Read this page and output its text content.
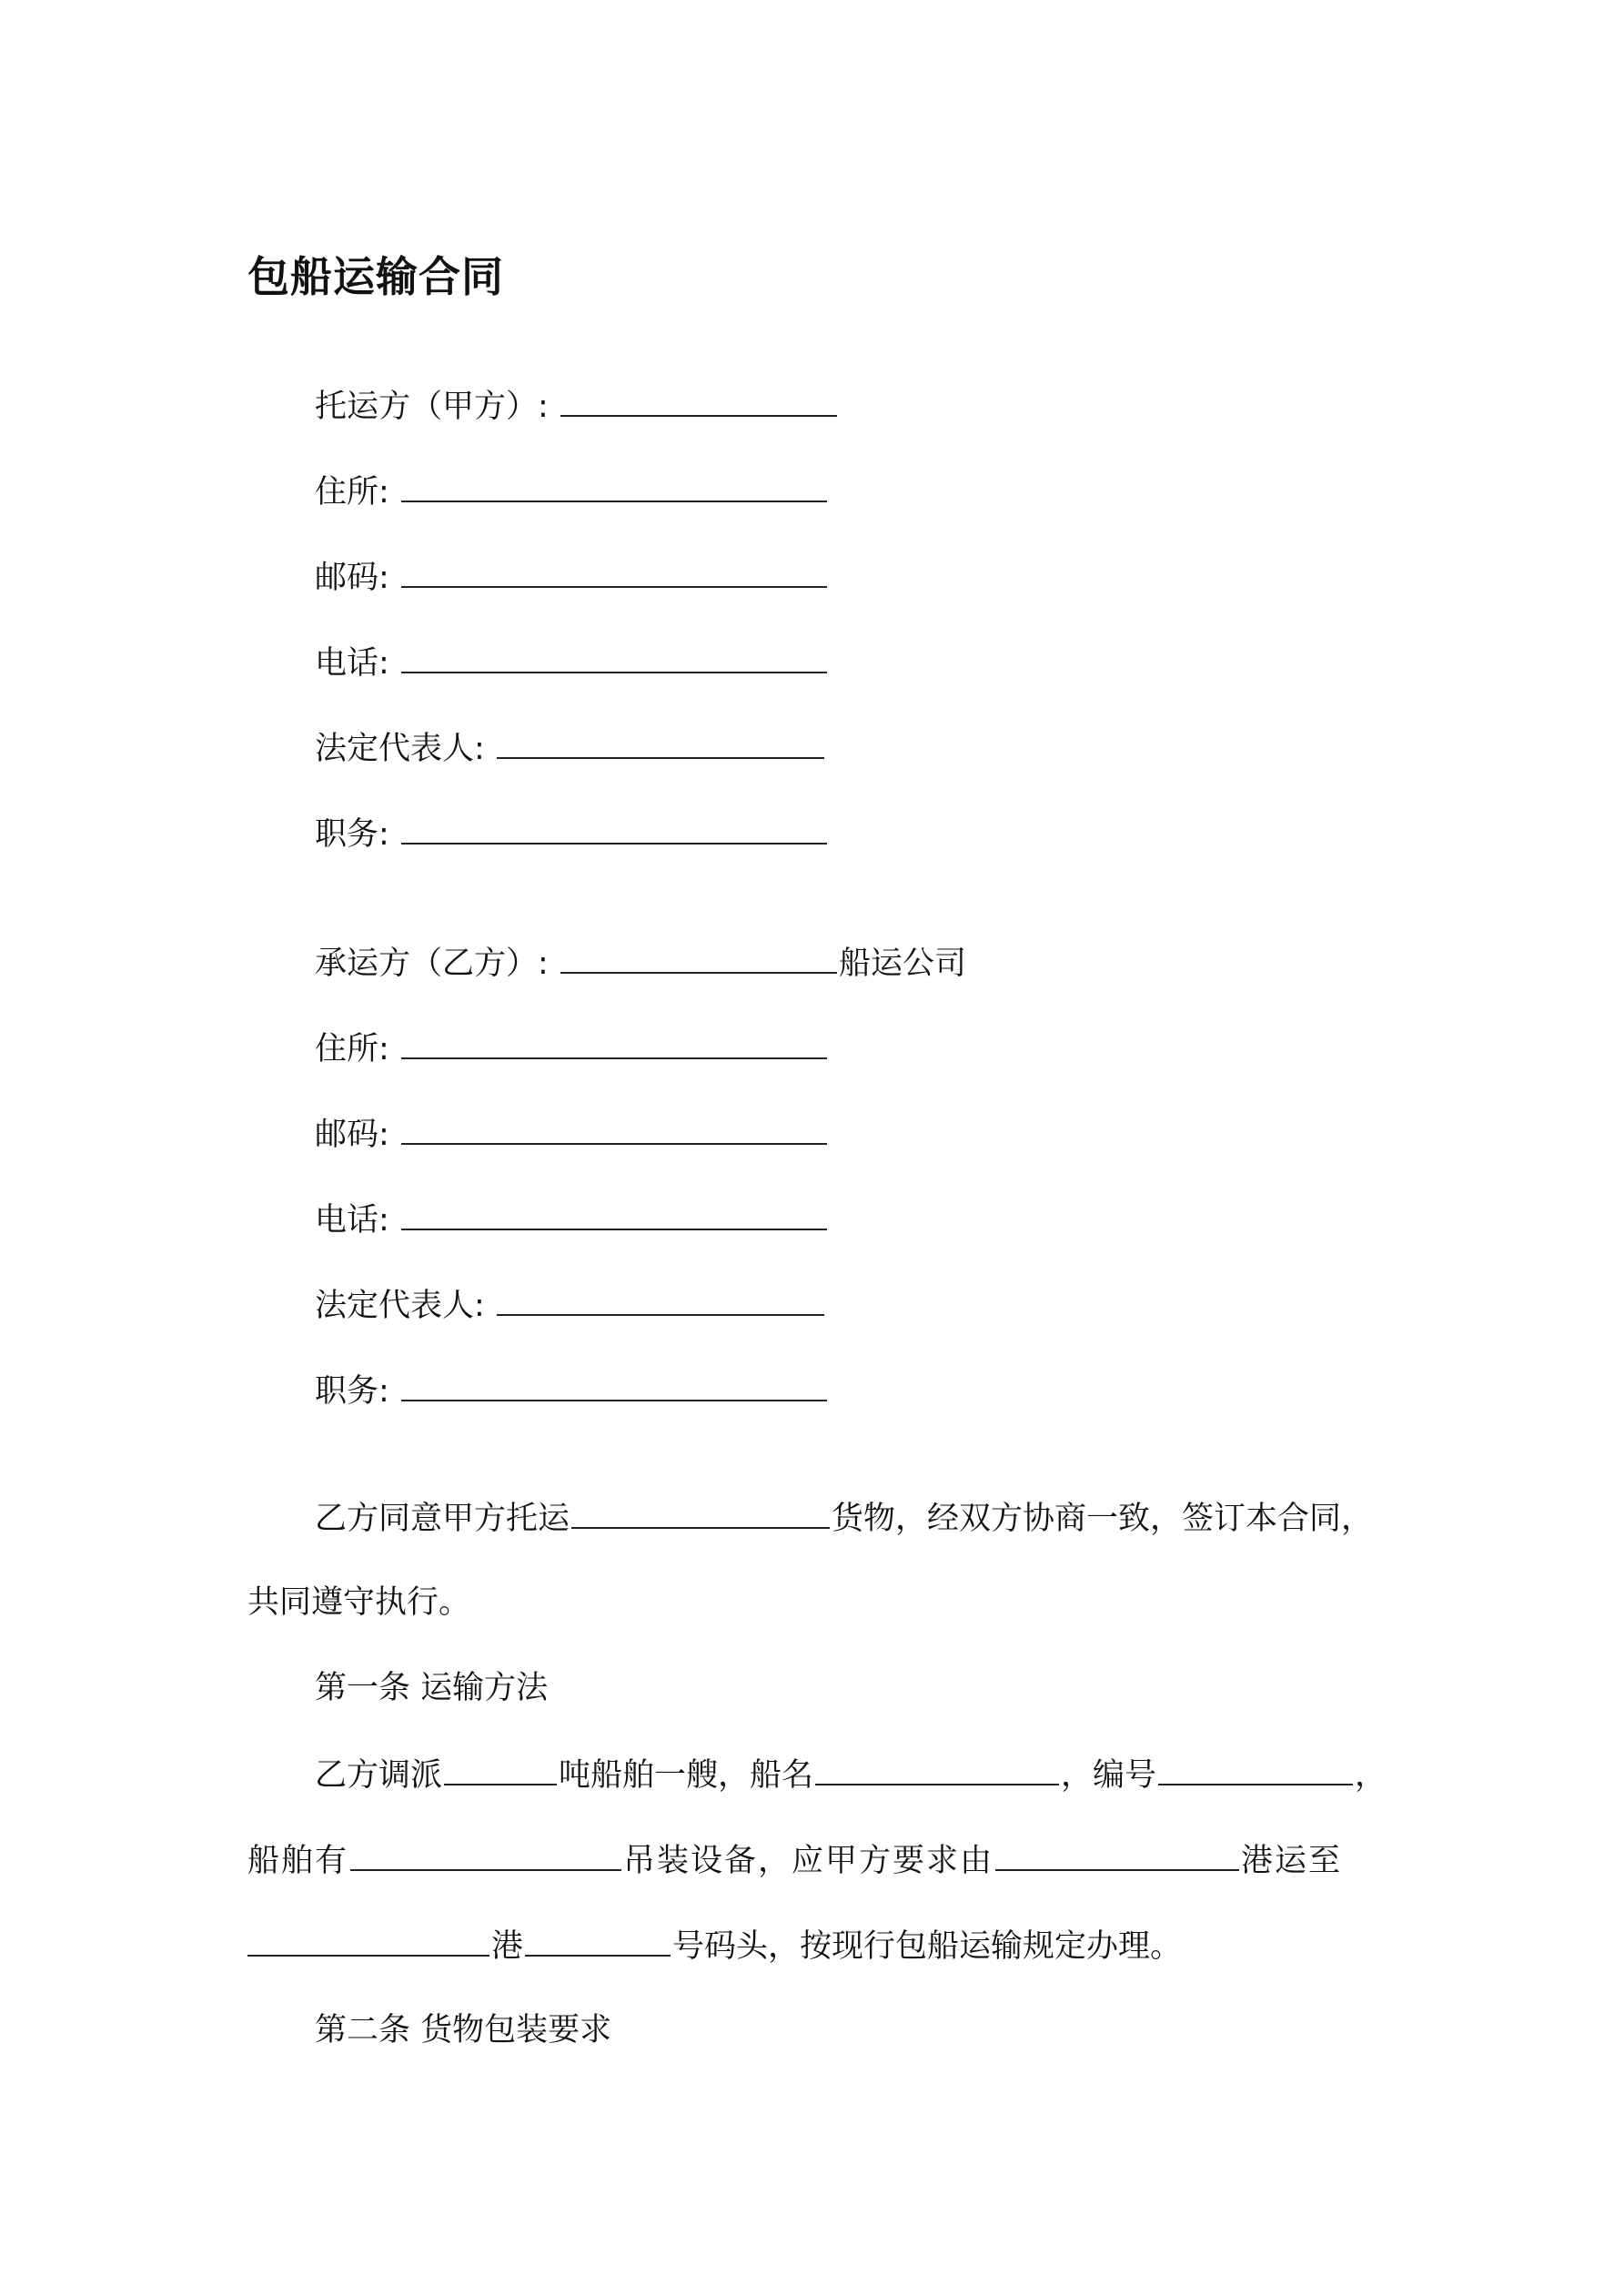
包船运输合同
托运方（甲方）:
住所:
邮码:
电话:
法定代表人:
职务:
承运方（乙方）:	船运公司
住所:
邮码:
电话:
法定代表人:
职务:
乙方同意甲方托运	货物，经双方协商一致，签订本合同，
共同遵守执行。
第一条 运输方法
乙方调派	吨船舶一艘，船名	，编号	，
船舶有	吊装设备，应甲方要求由	港运至
港	号码头，按现行包船运输规定办理。
第二条 货物包装要求
